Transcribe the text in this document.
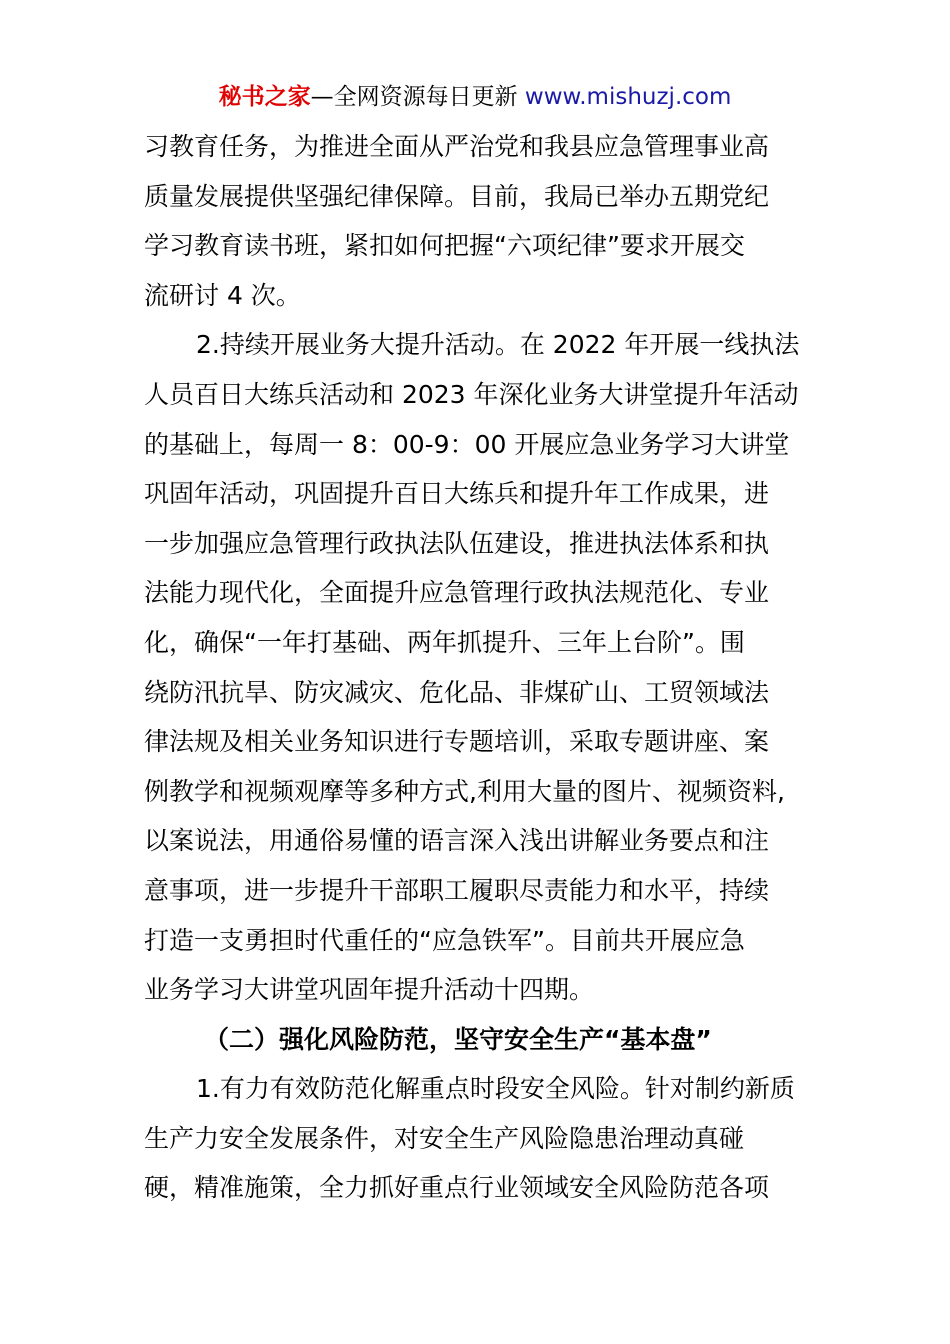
秘书之家—全网资源每日更新 www.mishuzj.com
习教育任务，为推进全面从严治党和我县应急管理事业高
质量发展提供坚强纪律保障。目前，我局已举办五期党纪
学习教育读书班，紧扣如何把握“六项纪律”要求开展交
流研讨 4 次。
2.持续开展业务大提升活动。在 2022 年开展一线执法
人员百日大练兵活动和 2023 年深化业务大讲堂提升年活动
的基础上，每周一 8：00-9：00 开展应急业务学习大讲堂
巩固年活动，巩固提升百日大练兵和提升年工作成果，进
一步加强应急管理行政执法队伍建设，推进执法体系和执
法能力现代化，全面提升应急管理行政执法规范化、专业
化，确保“一年打基础、两年抓提升、三年上台阶”。围
绕防汛抗旱、防灾减灾、危化品、非煤矿山、工贸领域法
律法规及相关业务知识进行专题培训，采取专题讲座、案
例教学和视频观摩等多种方式,利用大量的图片、视频资料,
以案说法，用通俗易懂的语言深入浅出讲解业务要点和注
意事项，进一步提升干部职工履职尽责能力和水平，持续
打造一支勇担时代重任的“应急铁军”。目前共开展应急
业务学习大讲堂巩固年提升活动十四期。
（二）强化风险防范，坚守安全生产“基本盘”
1.有力有效防范化解重点时段安全风险。针对制约新质
生产力安全发展条件，对安全生产风险隐患治理动真碰
硬，精准施策，全力抓好重点行业领域安全风险防范各项
